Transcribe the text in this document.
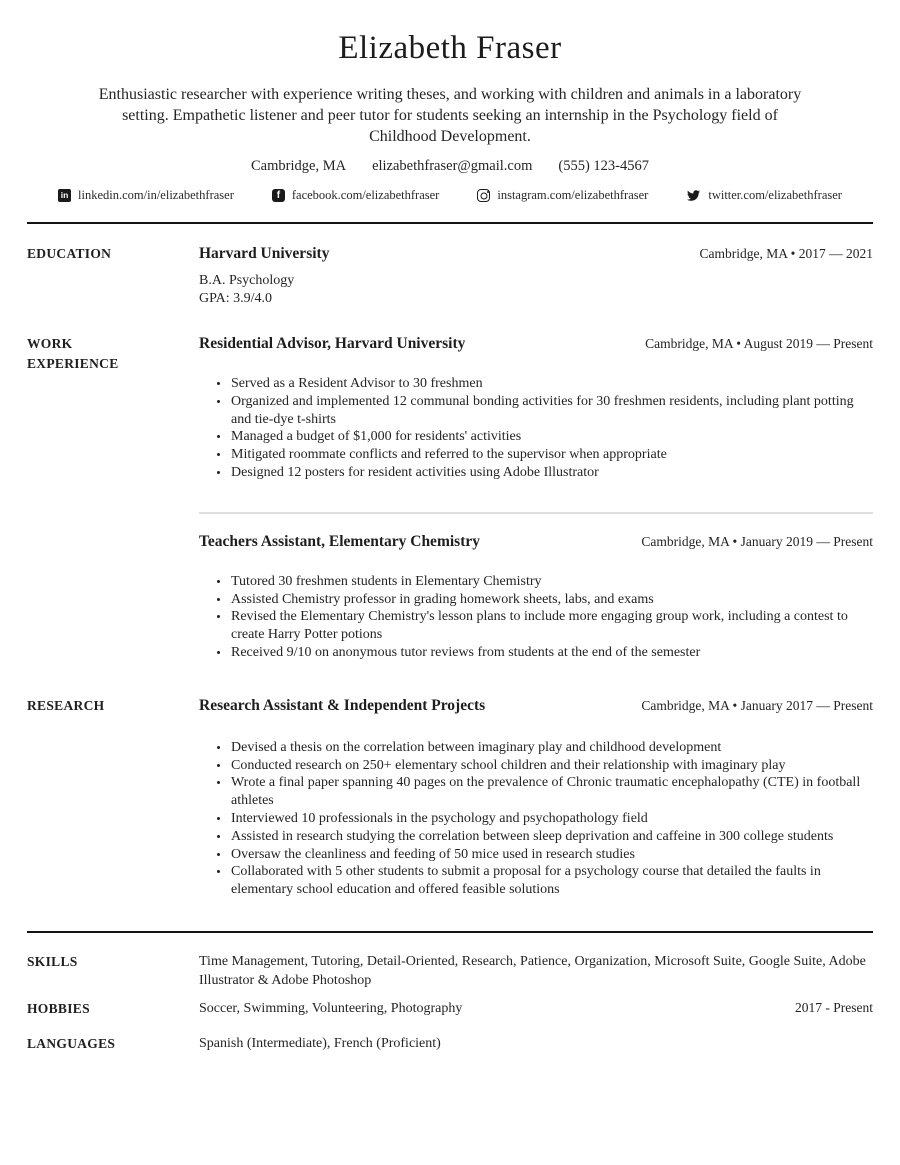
Elizabeth Fraser

Enthusiastic researcher with experience writing theses, and working with children and animals in a laboratory setting. Empathetic listener and peer tutor for students seeking an internship in the Psychology field of Childhood Development.

Cambridge, MA elizabethfraser@gmail.com (555) 123-4567
in linkedin.com/in/elizabethfraser	f facebook.com/elizabethfraser	instagram.com/elizabethfraser	twitter.com/elizabethfraser
EDUCATION	Harvard University	Cambridge, MA • 2017 — 2021
B.A. Psychology
GPA: 3.9/4.0
WORK EXPERIENCE
Residential Advisor, Harvard University	Cambridge, MA • August 2019 — Present
• Served as a Resident Advisor to 30 freshmen
• Organized and implemented 12 communal bonding activities for 30 freshmen residents, including plant potting and tie-dye t-shirts
• Managed a budget of $1,000 for residents' activities
• Mitigated roommate conflicts and referred to the supervisor when appropriate
• Designed 12 posters for resident activities using Adobe Illustrator
Teachers Assistant, Elementary Chemistry	Cambridge, MA • January 2019 — Present
• Tutored 30 freshmen students in Elementary Chemistry
• Assisted Chemistry professor in grading homework sheets, labs, and exams
• Revised the Elementary Chemistry's lesson plans to include more engaging group work, including a contest to create Harry Potter potions
• Received 9/10 on anonymous tutor reviews from students at the end of the semester
RESEARCH	Research Assistant & Independent Projects	Cambridge, MA • January 2017 — Present
• Devised a thesis on the correlation between imaginary play and childhood development
• Conducted research on 250+ elementary school children and their relationship with imaginary play
• Wrote a final paper spanning 40 pages on the prevalence of Chronic traumatic encephalopathy (CTE) in football athletes
• Interviewed 10 professionals in the psychology and psychopathology field
• Assisted in research studying the correlation between sleep deprivation and caffeine in 300 college students
• Oversaw the cleanliness and feeding of 50 mice used in research studies
• Collaborated with 5 other students to submit a proposal for a psychology course that detailed the faults in elementary school education and offered feasible solutions
SKILLS	Time Management, Tutoring, Detail-Oriented, Research, Patience, Organization, Microsoft Suite, Google Suite, Adobe Illustrator & Adobe Photoshop
HOBBIES	Soccer, Swimming, Volunteering, Photography	2017 - Present
LANGUAGES	Spanish (Intermediate), French (Proficient)
